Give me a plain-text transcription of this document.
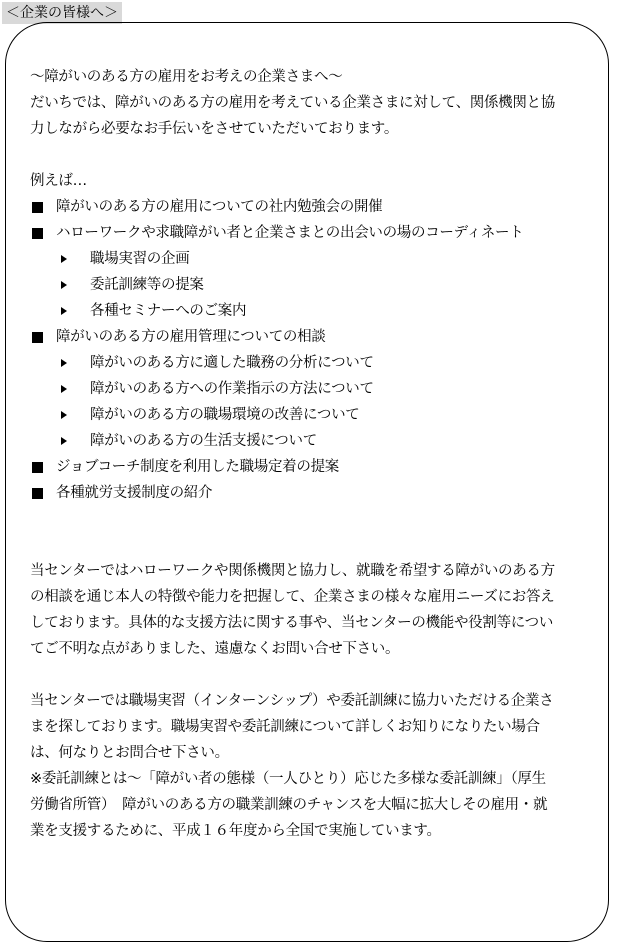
＜企業の皆様へ＞
～障がいのある方の雇用をお考えの企業さまへ～
だいちでは、障がいのある方の雇用を考えている企業さまに対して、関係機関と協
力しながら必要なお手伝いをさせていただいております。
例えば…
障がいのある方の雇用についての社内勉強会の開催
ハローワークや求職障がい者と企業さまとの出会いの場のコーディネート
職場実習の企画
委託訓練等の提案
各種セミナーへのご案内
障がいのある方の雇用管理についての相談
障がいのある方に適した職務の分析について
障がいのある方への作業指示の方法について
障がいのある方の職場環境の改善について
障がいのある方の生活支援について
ジョブコーチ制度を利用した職場定着の提案
各種就労支援制度の紹介
当センターではハローワークや関係機関と協力し、就職を希望する障がいのある方
の相談を通じ本人の特徴や能力を把握して、企業さまの様々な雇用ニーズにお答え
しております。具体的な支援方法に関する事や、当センターの機能や役割等につい
てご不明な点がありました、遠慮なくお問い合せ下さい。
当センターでは職場実習（インターンシップ）や委託訓練に協力いただける企業さ
まを探しております。職場実習や委託訓練について詳しくお知りになりたい場合
は、何なりとお問合せ下さい。
※委託訓練とは～「障がい者の態様（一人ひとり）応じた多様な委託訓練」（厚生
労働省所管）　障がいのある方の職業訓練のチャンスを大幅に拡大しその雇用・就
業を支援するために、平成１６年度から全国で実施しています。
